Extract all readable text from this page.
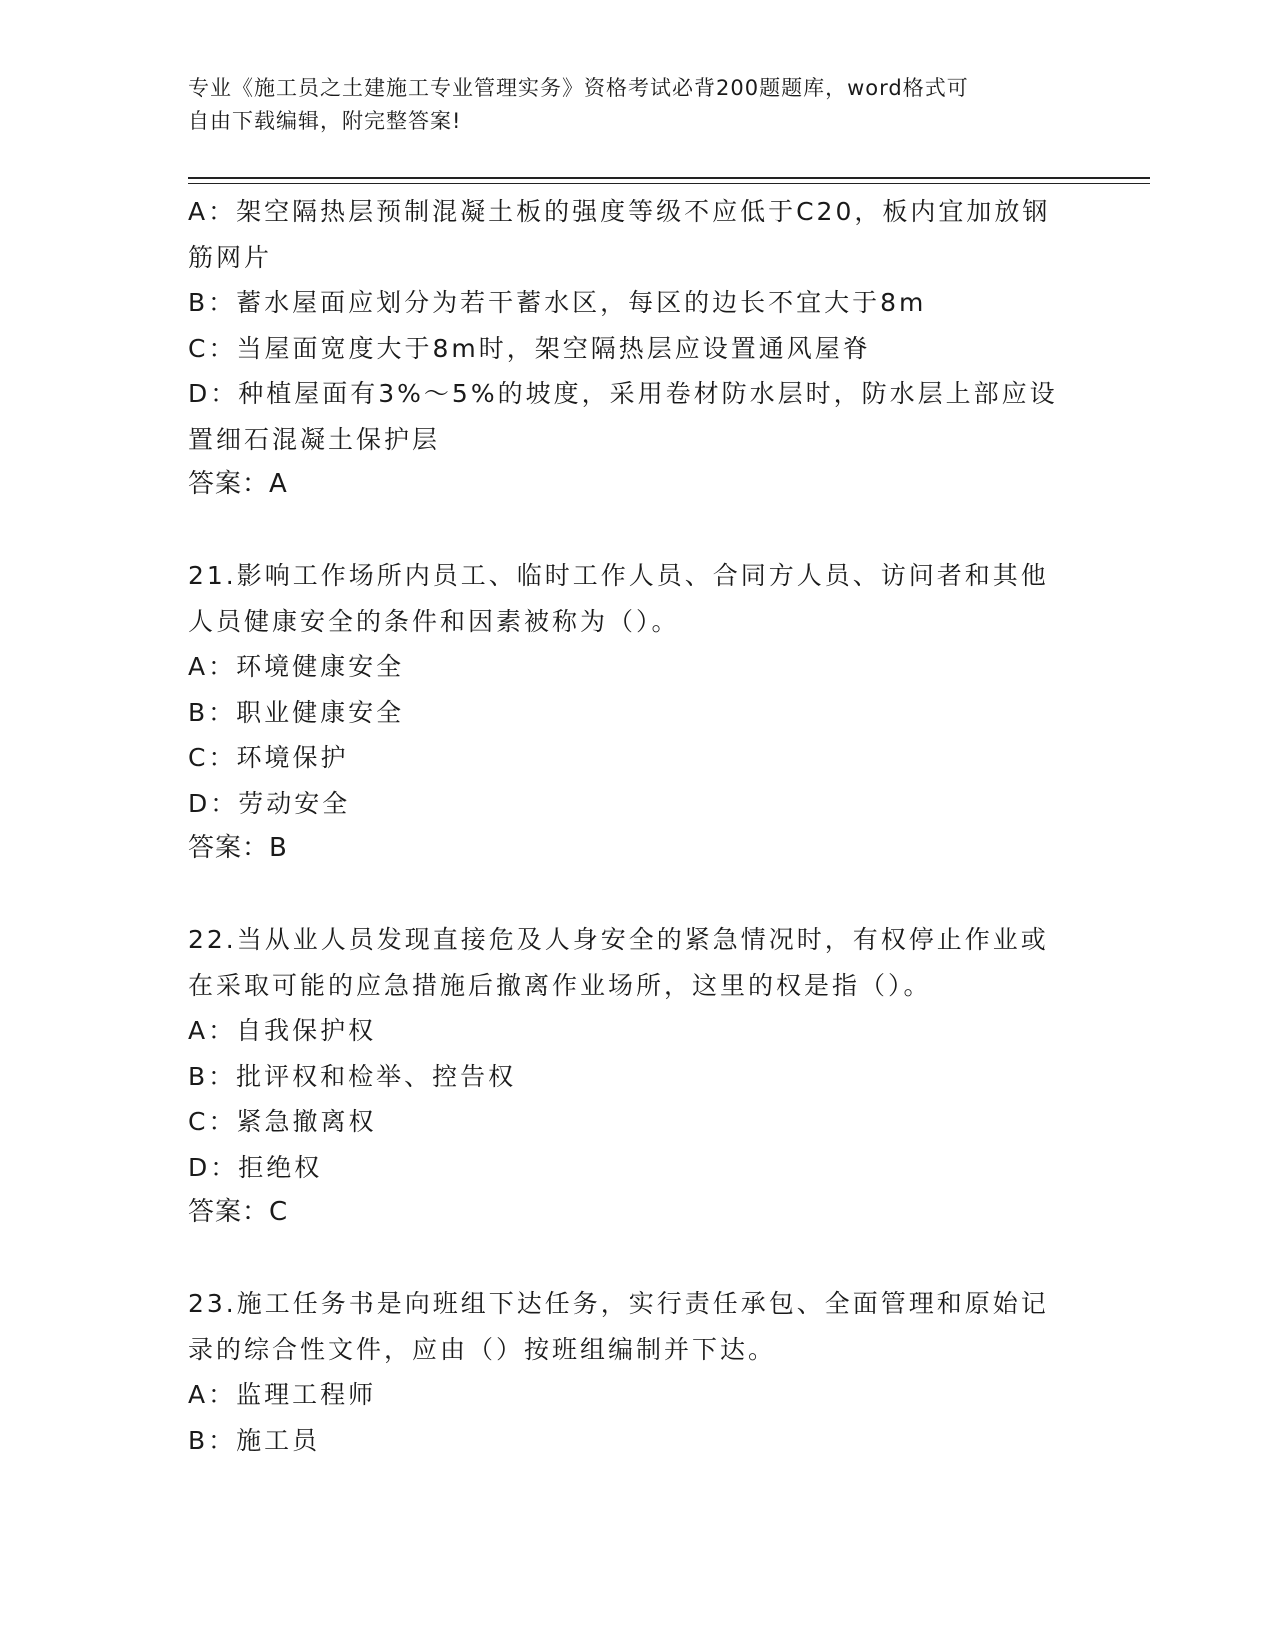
专业《施工员之土建施工专业管理实务》资格考试必背200题题库，word格式可
自由下载编辑，附完整答案!
A：架空隔热层预制混凝土板的强度等级不应低于C20，板内宜加放钢
筋网片
B：蓄水屋面应划分为若干蓄水区，每区的边长不宜大于8m
C：当屋面宽度大于8m时，架空隔热层应设置通风屋脊
D：种植屋面有3%～5%的坡度，采用卷材防水层时，防水层上部应设
置细石混凝土保护层
答案：A
21.影响工作场所内员工、临时工作人员、合同方人员、访问者和其他
人员健康安全的条件和因素被称为（）。
A：环境健康安全
B：职业健康安全
C：环境保护
D：劳动安全
答案：B
22.当从业人员发现直接危及人身安全的紧急情况时，有权停止作业或
在采取可能的应急措施后撤离作业场所，这里的权是指（）。
A：自我保护权
B：批评权和检举、控告权
C：紧急撤离权
D：拒绝权
答案：C
23.施工任务书是向班组下达任务，实行责任承包、全面管理和原始记
录的综合性文件，应由（）按班组编制并下达。
A：监理工程师
B：施工员
